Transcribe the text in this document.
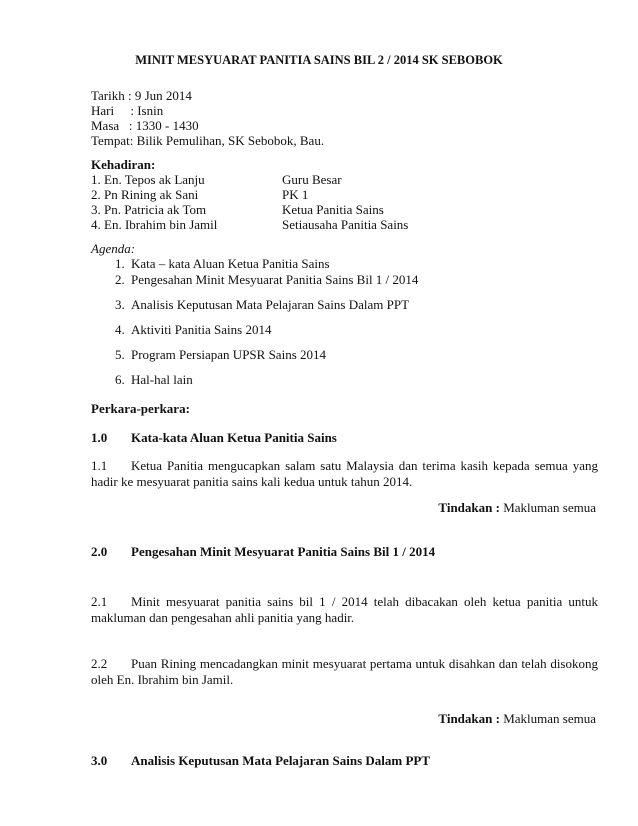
MINIT MESYUARAT PANITIA SAINS BIL 2 / 2014 SK SEBOBOK
Tarikh : 9 Jun 2014
Hari     : Isnin
Masa   : 1330 - 1430
Tempat: Bilik Pemulihan, SK Sebobok, Bau.
Kehadiran:
1. En. Tepos ak Lanju	Guru Besar
2. Pn Rining ak Sani	PK 1
3. Pn. Patricia ak Tom	Ketua Panitia Sains
4. En. Ibrahim bin Jamil	Setiausaha Panitia Sains
Agenda:
1. Kata – kata Aluan Ketua Panitia Sains
2. Pengesahan Minit Mesyuarat Panitia Sains Bil 1 / 2014
3. Analisis Keputusan Mata Pelajaran Sains Dalam PPT
4. Aktiviti Panitia Sains 2014
5. Program Persiapan UPSR Sains 2014
6. Hal-hal lain
Perkara-perkara:
1.0 Kata-kata Aluan Ketua Panitia Sains
1.1 Ketua Panitia mengucapkan salam satu Malaysia dan terima kasih kepada semua yang hadir ke mesyuarat panitia sains kali kedua untuk tahun 2014.
Tindakan : Makluman semua
2.0 Pengesahan Minit Mesyuarat Panitia Sains Bil 1 / 2014
2.1 Minit mesyuarat panitia sains bil 1 / 2014 telah dibacakan oleh ketua panitia untuk makluman dan pengesahan ahli panitia yang hadir.
2.2 Puan Rining mencadangkan minit mesyuarat pertama untuk disahkan dan telah disokong oleh En. Ibrahim bin Jamil.
Tindakan : Makluman semua
3.0 Analisis Keputusan Mata Pelajaran Sains Dalam PPT
